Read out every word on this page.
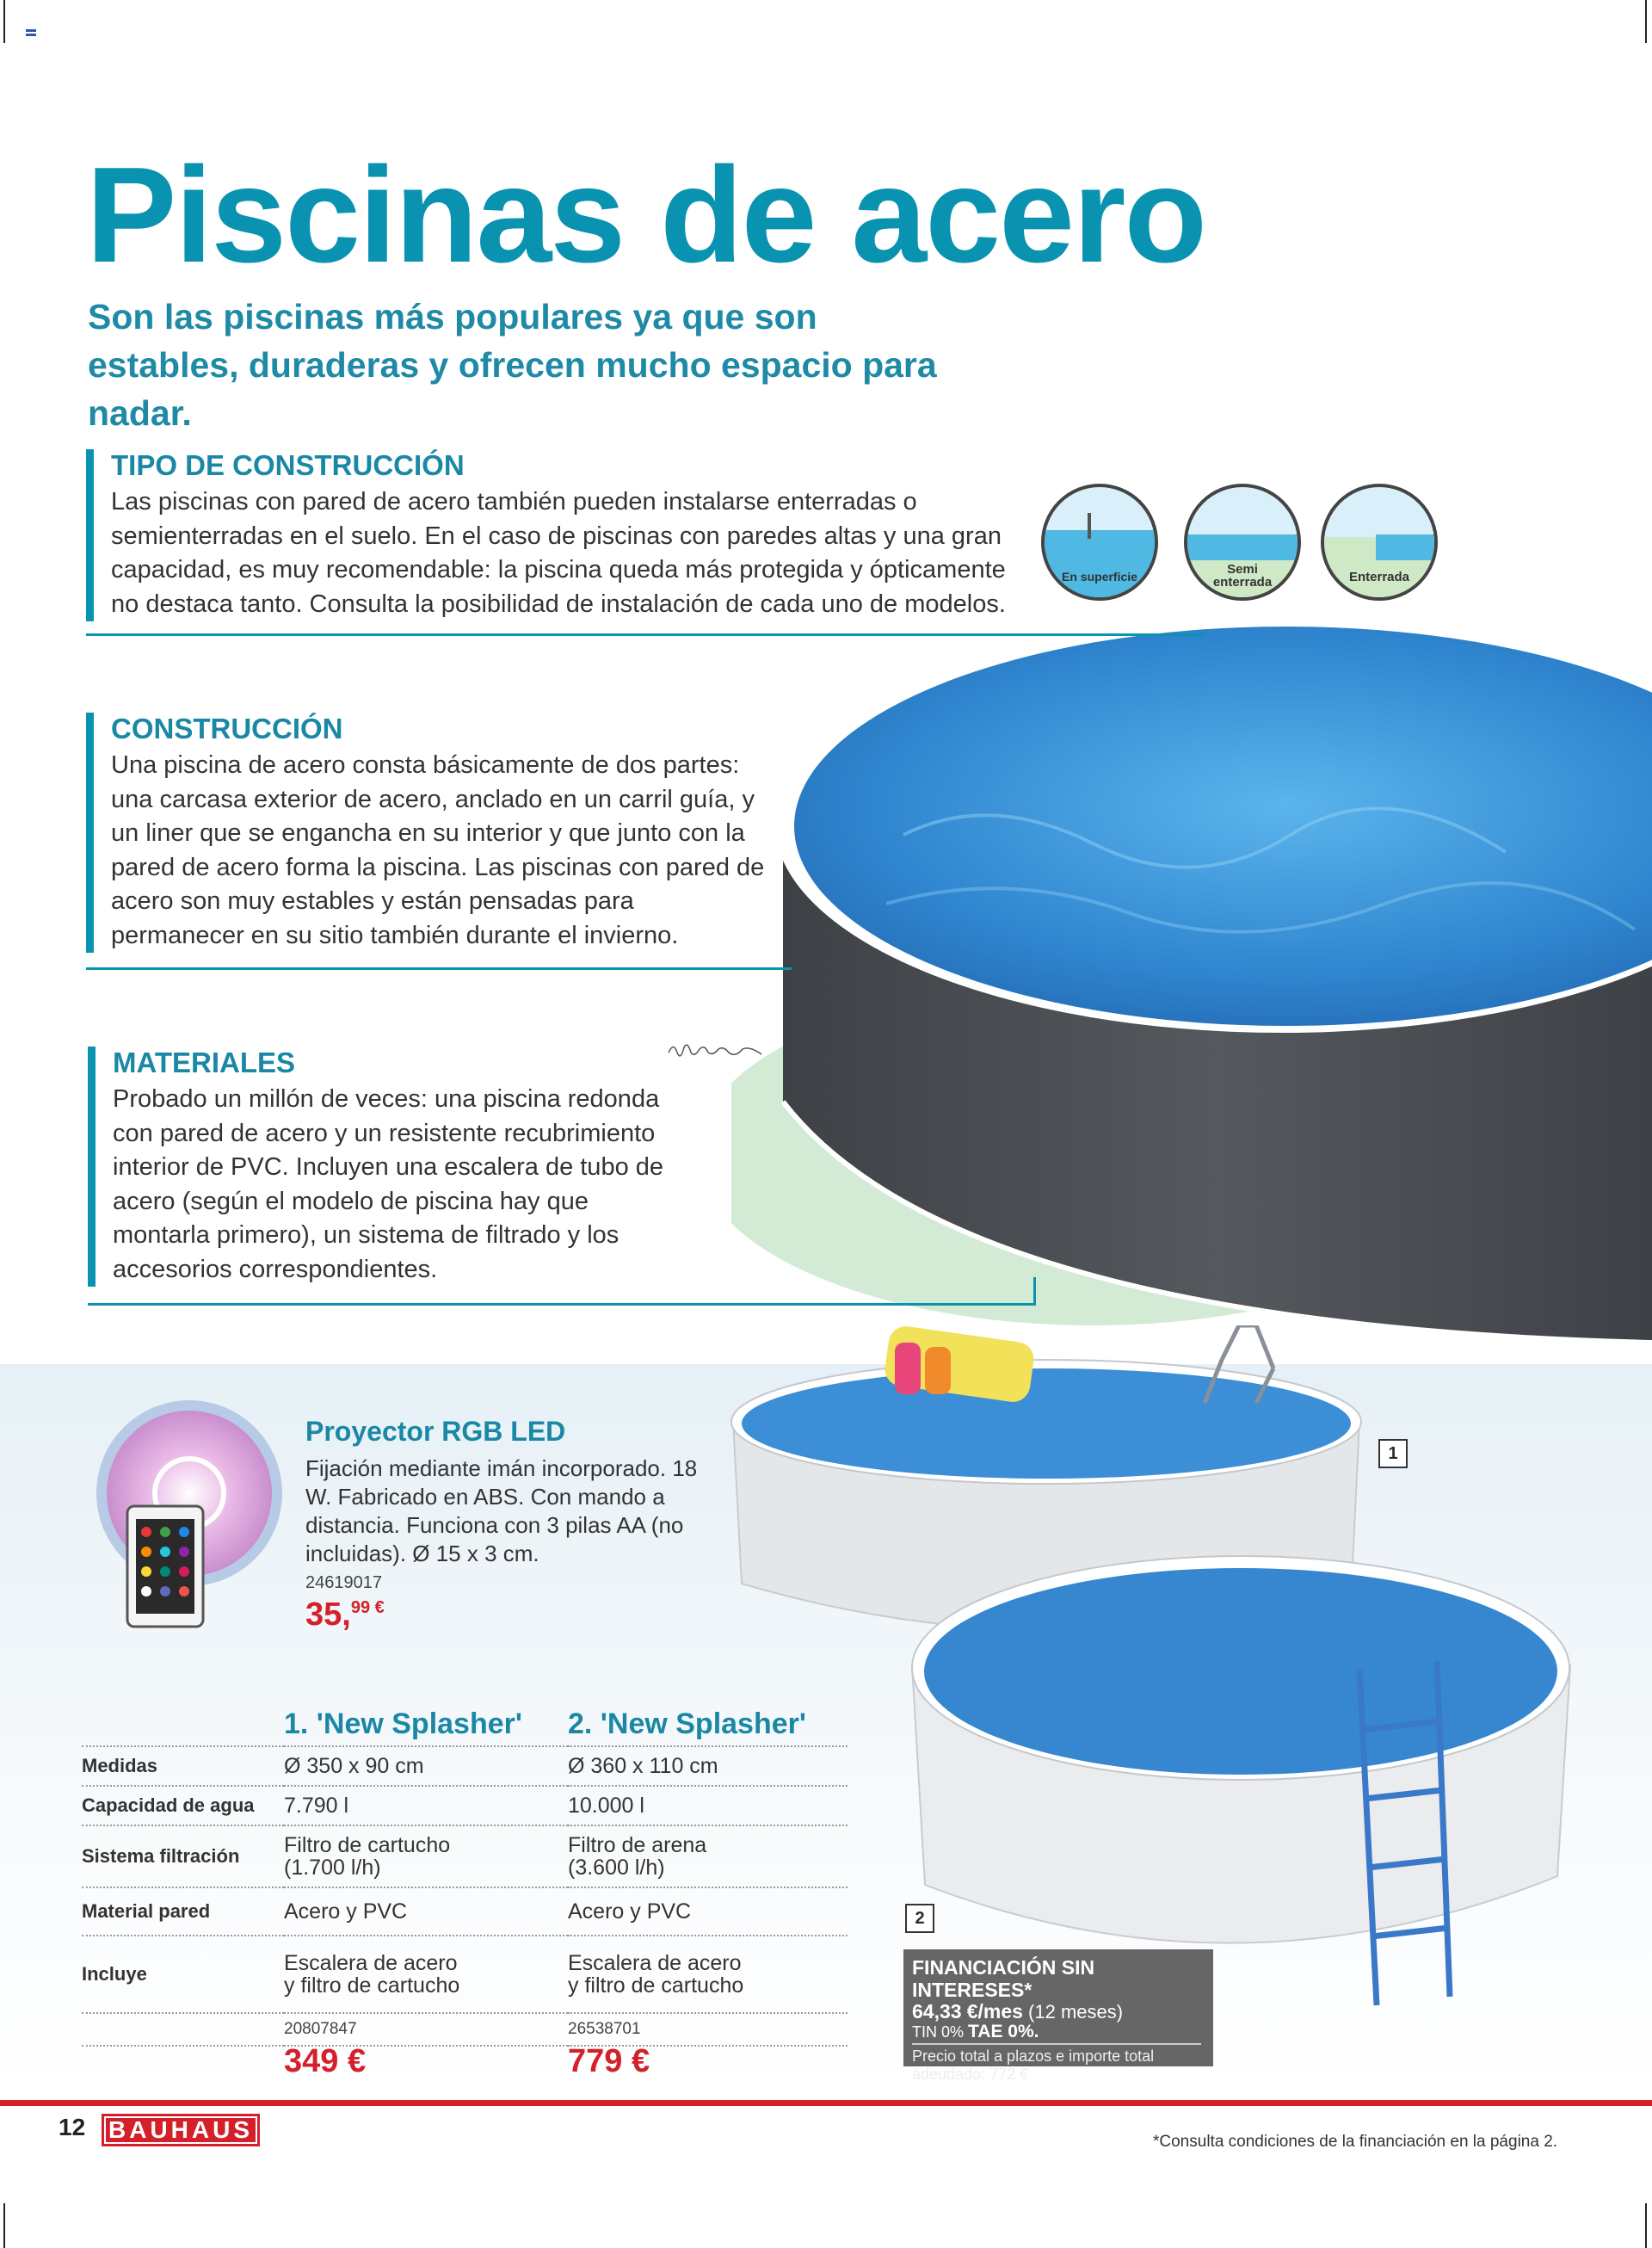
Piscinas de acero
Son las piscinas más populares ya que son estables, duraderas y ofrecen mucho espacio para nadar.
TIPO DE CONSTRUCCIÓN

Las piscinas con pared de acero también pueden instalarse enterradas o semienterradas en el suelo. En el caso de piscinas con paredes altas y una gran capacidad, es muy recomendable: la piscina queda más protegida y ópticamente no destaca tanto. Consulta la posibilidad de instalación de cada uno de modelos.

En superficie	Semi enterrada	Enterrada
CONSTRUCCIÓN

Una piscina de acero consta básicamente de dos partes: una carcasa exterior de acero, anclado en un carril guía, y un liner que se engancha en su interior y que junto con la pared de acero forma la piscina. Las piscinas con pared de acero son muy estables y están pensadas para permanecer en su sitio también durante el invierno.

MATERIALES

Probado un millón de veces: una piscina redonda con pared de acero y un resistente recubrimiento interior de PVC. Incluyen una escalera de tubo de acero (según el modelo de piscina hay que montarla primero), un sistema de filtrado y los accesorios correspondientes.

1
2
Proyector RGB LED
Fijación mediante imán incorporado. 18 W. Fabricado en ABS. Con mando a distancia. Funciona con 3 pilas AA (no incluidas). Ø 15 x 3 cm.
24619017
35,$^{99 €}$
	1. 'New Splasher'	2. 'New Splasher'
Medidas	Ø 350 x 90 cm	Ø 360 x 110 cm
Capacidad de agua	7.790 l	10.000 l
Sistema filtración	Filtro de cartucho (1.700 l/h)	Filtro de arena (3.600 l/h)
Material pared	Acero y PVC	Acero y PVC
Incluye	Escalera de acero y filtro de cartucho	Escalera de acero y filtro de cartucho
	20807847	26538701
	349 €	779 €
FINANCIACIÓN SIN INTERESES*
64,33 €/mes (12 meses)
TIN 0% TAE 0%.
Precio total a plazos e importe total adeudado: 772 €
12 BAUHAUS	*Consulta condiciones de la financiación en la página 2.
